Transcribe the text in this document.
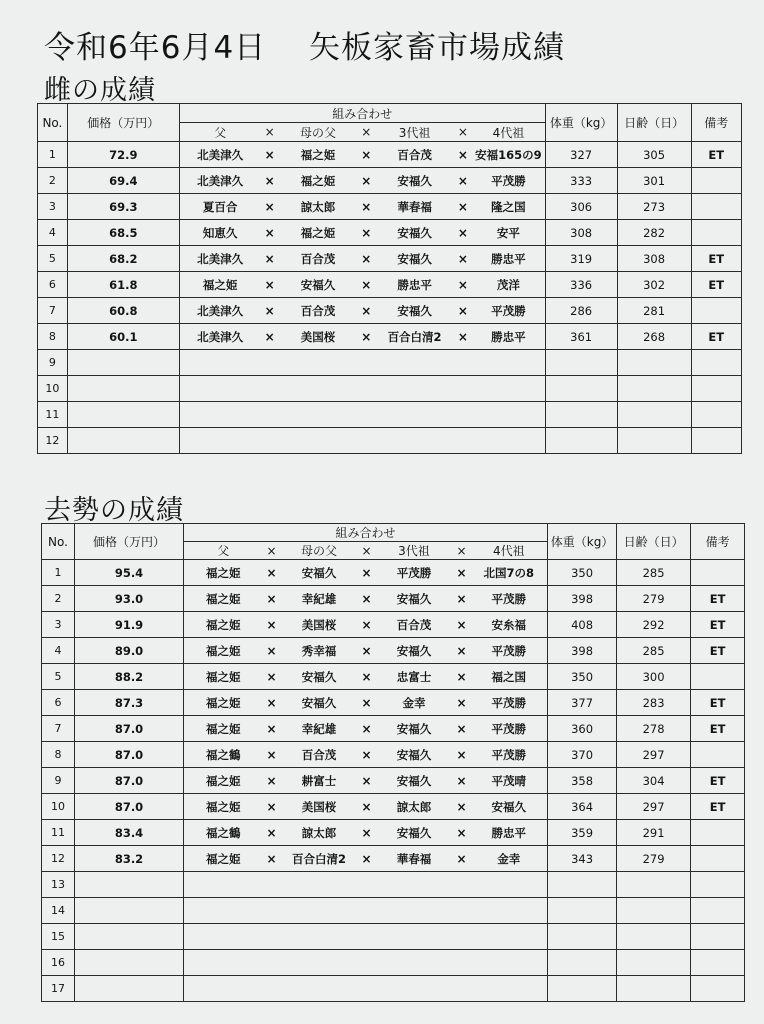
令和6年6月4日　 矢板家畜市場成績
雌の成績
去勢の成績
No.	価格（万円）	組み合わせ							体重（kg）	日齢（日）	備考
		父	×	母の父	×	3代祖	×	4代祖			
1	72.9	北美津久	×	福之姫	×	百合茂	×	安福165の9	327	305	ET
2	69.4	北美津久	×	福之姫	×	安福久	×	平茂勝	333	301	
3	69.3	夏百合	×	諒太郎	×	華春福	×	隆之国	306	273	
4	68.5	知恵久	×	福之姫	×	安福久	×	安平	308	282	
5	68.2	北美津久	×	百合茂	×	安福久	×	勝忠平	319	308	ET
6	61.8	福之姫	×	安福久	×	勝忠平	×	茂洋	336	302	ET
7	60.8	北美津久	×	百合茂	×	安福久	×	平茂勝	286	281	
8	60.1	北美津久	×	美国桜	×	百合白清2	×	勝忠平	361	268	ET
9											
10											
11											
12											
No.	価格（万円）	組み合わせ							体重（kg）	日齢（日）	備考
		父	×	母の父	×	3代祖	×	4代祖			
1	95.4	福之姫	×	安福久	×	平茂勝	×	北国7の8	350	285	
2	93.0	福之姫	×	幸紀雄	×	安福久	×	平茂勝	398	279	ET
3	91.9	福之姫	×	美国桜	×	百合茂	×	安糸福	408	292	ET
4	89.0	福之姫	×	秀幸福	×	安福久	×	平茂勝	398	285	ET
5	88.2	福之姫	×	安福久	×	忠富士	×	福之国	350	300	
6	87.3	福之姫	×	安福久	×	金幸	×	平茂勝	377	283	ET
7	87.0	福之姫	×	幸紀雄	×	安福久	×	平茂勝	360	278	ET
8	87.0	福之鶴	×	百合茂	×	安福久	×	平茂勝	370	297	
9	87.0	福之姫	×	耕富士	×	安福久	×	平茂晴	358	304	ET
10	87.0	福之姫	×	美国桜	×	諒太郎	×	安福久	364	297	ET
11	83.4	福之鶴	×	諒太郎	×	安福久	×	勝忠平	359	291	
12	83.2	福之姫	×	百合白清2	×	華春福	×	金幸	343	279	
13											
14											
15											
16											
17											
